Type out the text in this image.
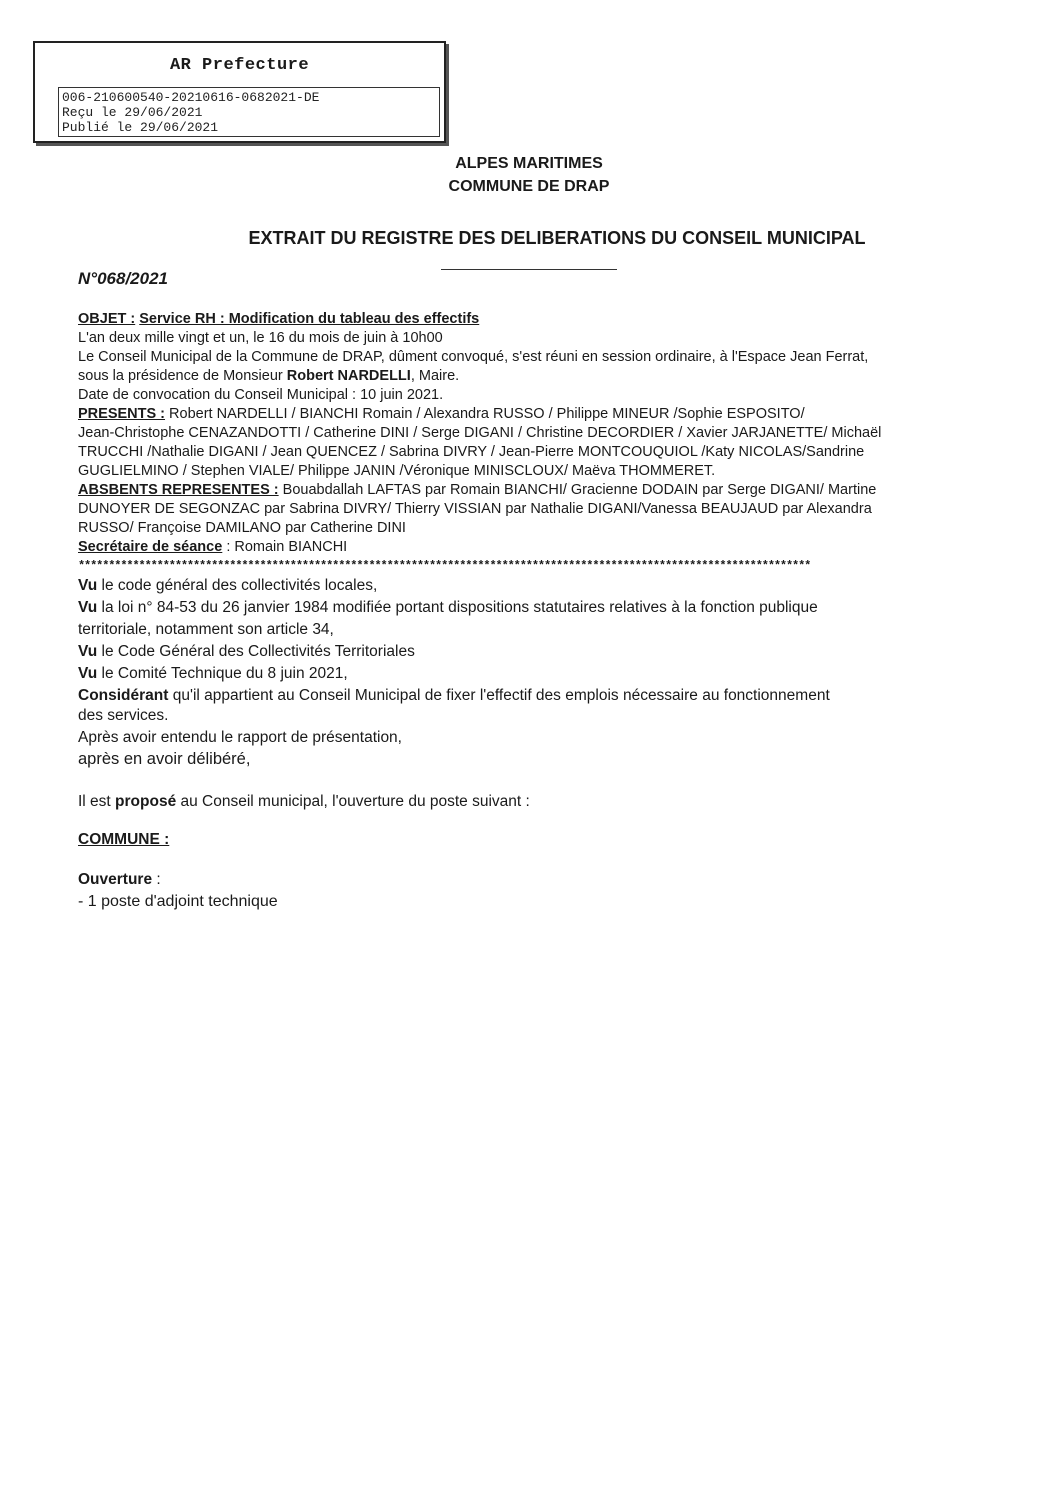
AR Prefecture
006-210600540-20210616-0682021-DE
Reçu le 29/06/2021
Publié le 29/06/2021
ALPES MARITIMES
COMMUNE DE DRAP
EXTRAIT DU REGISTRE DES DELIBERATIONS DU CONSEIL MUNICIPAL
N°068/2021
OBJET : Service RH : Modification du tableau des effectifs
L'an deux mille vingt et un, le 16 du mois de juin à 10h00
Le Conseil Municipal de la Commune de DRAP, dûment convoqué, s'est réuni en session ordinaire, à l'Espace Jean Ferrat,
sous la présidence de Monsieur Robert NARDELLI, Maire.
Date de convocation du Conseil Municipal : 10 juin 2021.
PRESENTS : Robert NARDELLI / BIANCHI Romain / Alexandra RUSSO / Philippe MINEUR /Sophie ESPOSITO/
Jean-Christophe CENAZANDOTTI / Catherine DINI / Serge DIGANI / Christine DECORDIER / Xavier JARJANETTE/ Michaël
TRUCCHI /Nathalie DIGANI / Jean QUENCEZ / Sabrina DIVRY / Jean-Pierre MONTCOUQUIOL /Katy NICOLAS/Sandrine
GUGLIELMINO / Stephen VIALE/ Philippe JANIN /Véronique MINISCLOUX/ Maëva THOMMERET.
ABSBENTS REPRESENTES : Bouabdallah LAFTAS par Romain BIANCHI/ Gracienne DODAIN par Serge DIGANI/ Martine
DUNOYER DE SEGONZAC par Sabrina DIVRY/ Thierry VISSIAN par Nathalie DIGANI/Vanessa BEAUJAUD par Alexandra
RUSSO/ Françoise DAMILANO par Catherine DINI
Secrétaire de séance : Romain BIANCHI
*************************************************************************************************************************
Vu le code général des collectivités locales,
Vu la loi n° 84-53 du 26 janvier 1984 modifiée portant dispositions statutaires relatives à la fonction publique
territoriale, notamment son article 34,
Vu le Code Général des Collectivités Territoriales
Vu le Comité Technique du 8 juin 2021,
Considérant qu'il appartient au Conseil Municipal de fixer l'effectif des emplois nécessaire au fonctionnement
des services.
Après avoir entendu le rapport de présentation,
après en avoir délibéré,
Il est proposé au Conseil municipal, l'ouverture du poste suivant :
COMMUNE :
Ouverture :
- 1 poste d'adjoint technique
